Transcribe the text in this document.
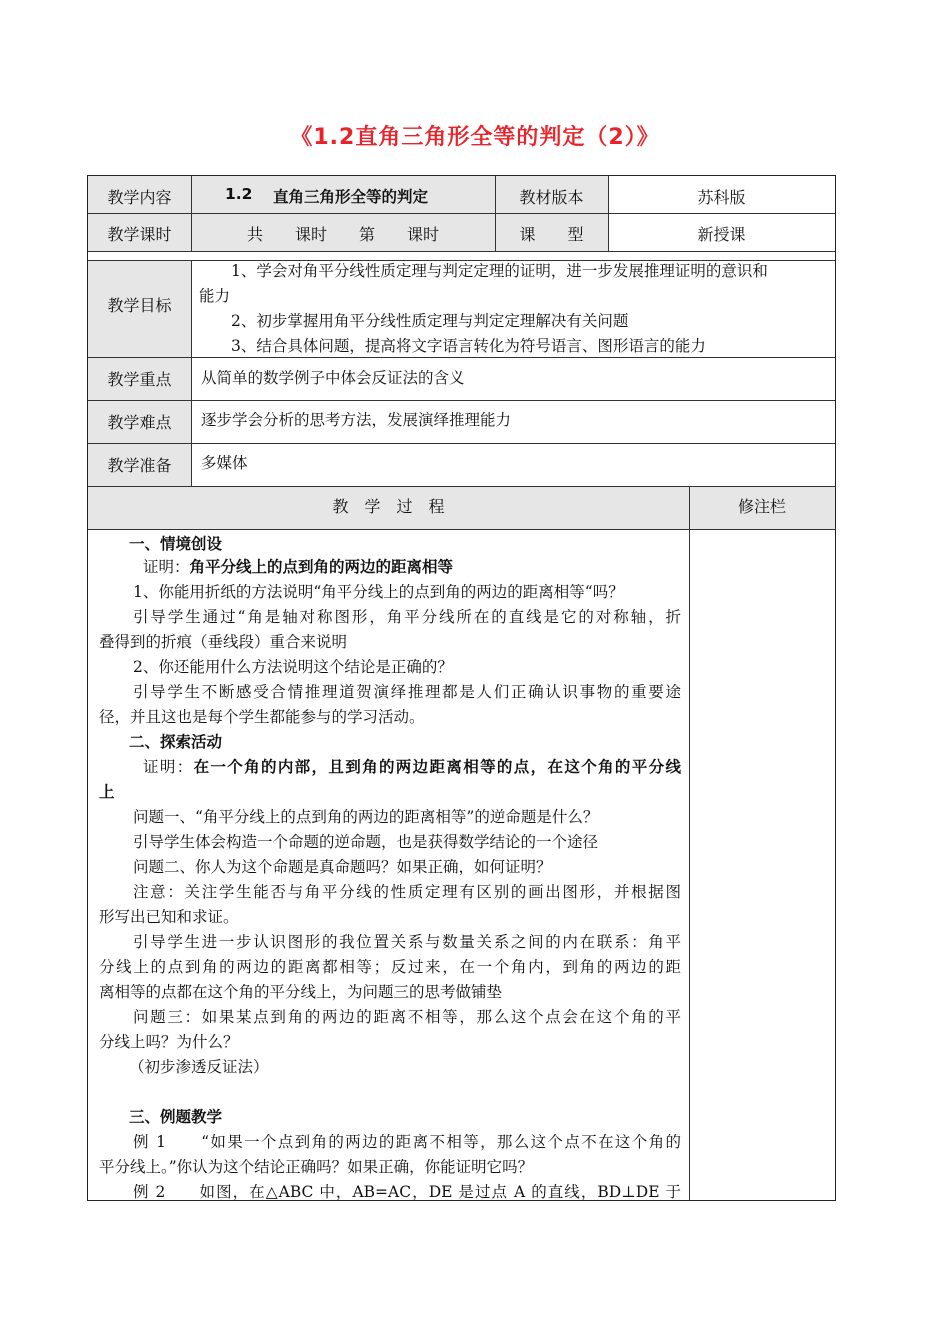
《1.2直角三角形全等的判定（2）》
教学内容	1.2 直角三角形全等的判定	教材版本	苏科版
教学课时	共　　课时　　第　　课时	课　　型	新授课
教学目标
1、学会对角平分线性质定理与判定定理的证明，进一步发展推理证明的意识和
能力
2、初步掌握用角平分线性质定理与判定定理解决有关问题
3、结合具体问题，提高将文字语言转化为符号语言、图形语言的能力
教学重点	从简单的数学例子中体会反证法的含义
教学难点	逐步学会分析的思考方法，发展演绎推理能力
教学准备	多媒体
教　学　过　程	修注栏
一、情境创设
证明：角平分线上的点到角的两边的距离相等
1、你能用折纸的方法说明“角平分线上的点到角的两边的距离相等“吗？
引导学生通过“角是轴对称图形，角平分线所在的直线是它的对称轴，折
叠得到的折痕（垂线段）重合来说明
2、你还能用什么方法说明这个结论是正确的？
引导学生不断感受合情推理道贺演绎推理都是人们正确认识事物的重要途
径，并且这也是每个学生都能参与的学习活动。
二、探索活动
证明：在一个角的内部，且到角的两边距离相等的点，在这个角的平分线
上
问题一、“角平分线上的点到角的两边的距离相等”的逆命题是什么？
引导学生体会构造一个命题的逆命题，也是获得数学结论的一个途径
问题二、你人为这个命题是真命题吗？如果正确，如何证明？
注意：关注学生能否与角平分线的性质定理有区别的画出图形，并根据图
形写出已知和求证。
引导学生进一步认识图形的我位置关系与数量关系之间的内在联系：角平
分线上的点到角的两边的距离都相等；反过来，在一个角内，到角的两边的距
离相等的点都在这个角的平分线上，为问题三的思考做铺垫
问题三：如果某点到角的两边的距离不相等，那么这个点会在这个角的平
分线上吗？为什么？
（初步渗透反证法）
三、例题教学
例 1　　“如果一个点到角的两边的距离不相等，那么这个点不在这个角的
平分线上。”你认为这个结论正确吗？如果正确，你能证明它吗？
例 2　　如图，在△ABC 中，AB=AC，DE 是过点 A 的直线，BD⊥DE 于
